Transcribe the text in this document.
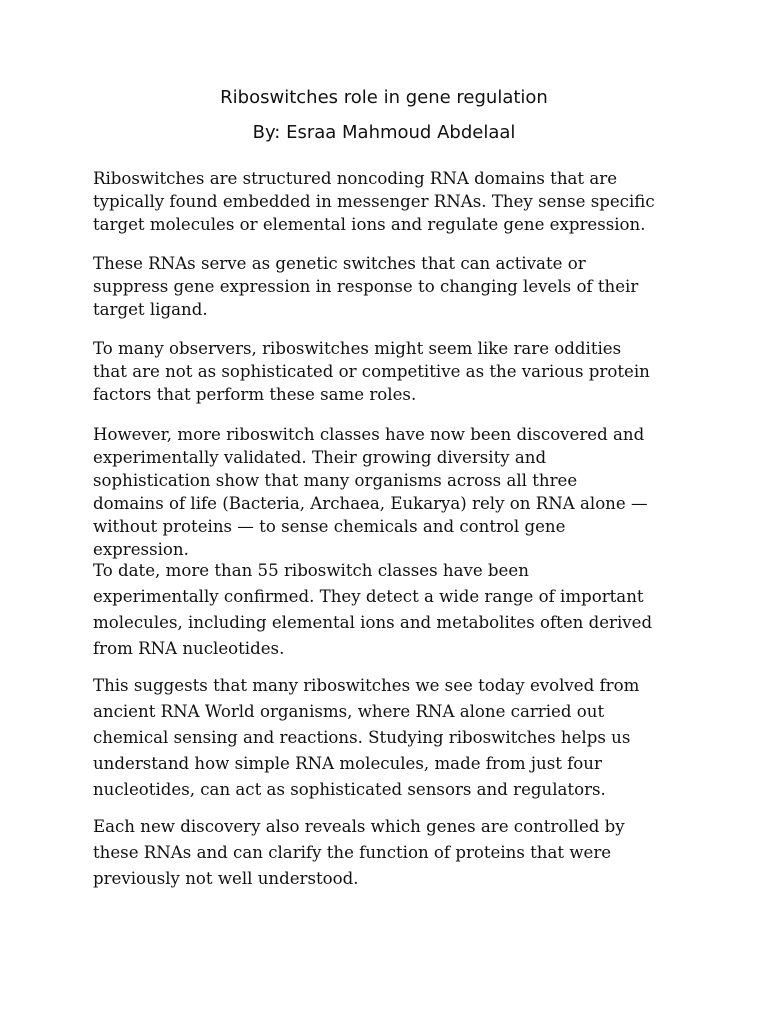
Riboswitches role in gene regulation
By: Esraa Mahmoud Abdelaal
Riboswitches are structured noncoding RNA domains that are
typically found embedded in messenger RNAs. They sense specific
target molecules or elemental ions and regulate gene expression.
These RNAs serve as genetic switches that can activate or
suppress gene expression in response to changing levels of their
target ligand.
To many observers, riboswitches might seem like rare oddities
that are not as sophisticated or competitive as the various protein
factors that perform these same roles.
However, more riboswitch classes have now been discovered and
experimentally validated. Their growing diversity and
sophistication show that many organisms across all three
domains of life (Bacteria, Archaea, Eukarya) rely on RNA alone —
without proteins — to sense chemicals and control gene
expression.
To date, more than 55 riboswitch classes have been
experimentally confirmed. They detect a wide range of important
molecules, including elemental ions and metabolites often derived
from RNA nucleotides.
This suggests that many riboswitches we see today evolved from
ancient RNA World organisms, where RNA alone carried out
chemical sensing and reactions. Studying riboswitches helps us
understand how simple RNA molecules, made from just four
nucleotides, can act as sophisticated sensors and regulators.
Each new discovery also reveals which genes are controlled by
these RNAs and can clarify the function of proteins that were
previously not well understood.
